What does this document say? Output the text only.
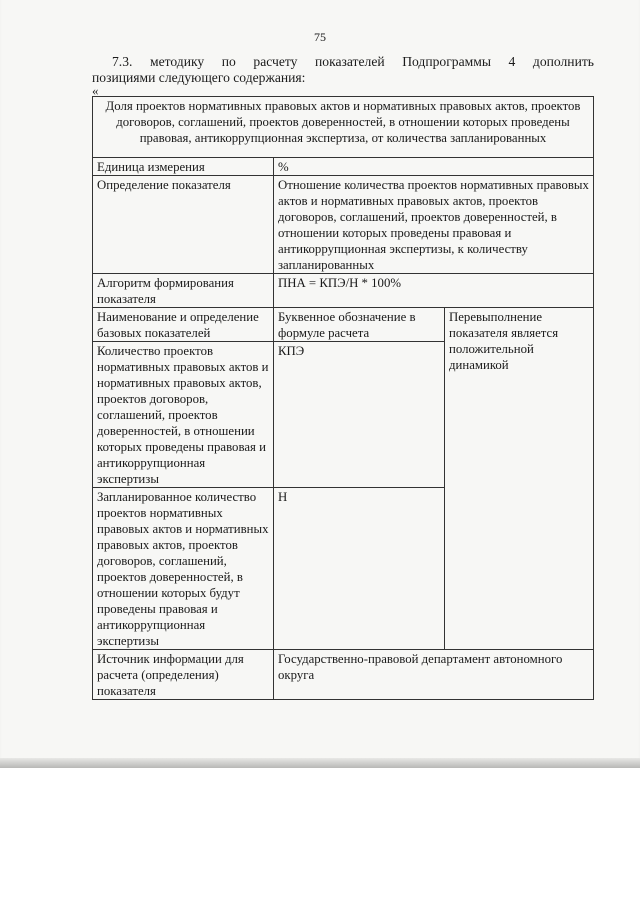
75
7.3. методику по расчету показателей Подпрограммы 4 дополнить
позициями следующего содержания:
«
Доля проектов нормативных правовых актов и нормативных правовых актов, проектов договоров, соглашений, проектов доверенностей, в отношении которых проведены правовая, антикоррупционная экспертиза, от количества запланированных		
Единица измерения	%	
Определение показателя	Отношение количества проектов нормативных правовых актов и нормативных правовых актов, проектов договоров, соглашений, проектов доверенностей, в отношении которых проведены правовая и антикоррупционная экспертизы, к количеству запланированных	
Алгоритм формирования показателя	ПНА = КПЭ/Н * 100%	
Наименование и определение базовых показателей	Буквенное обозначение в формуле расчета	Перевыполнение показателя является положительной динамикой
Количество проектов нормативных правовых актов и нормативных правовых актов, проектов договоров, соглашений, проектов доверенностей, в отношении которых проведены правовая и антикоррупционная экспертизы	КПЭ	
Запланированное количество проектов нормативных правовых актов и нормативных правовых актов, проектов договоров, соглашений, проектов доверенностей, в отношении которых будут проведены правовая и антикоррупционная экспертизы	Н	
Источник информации для расчета (определения) показателя	Государственно-правовой департамент автономного округа	
